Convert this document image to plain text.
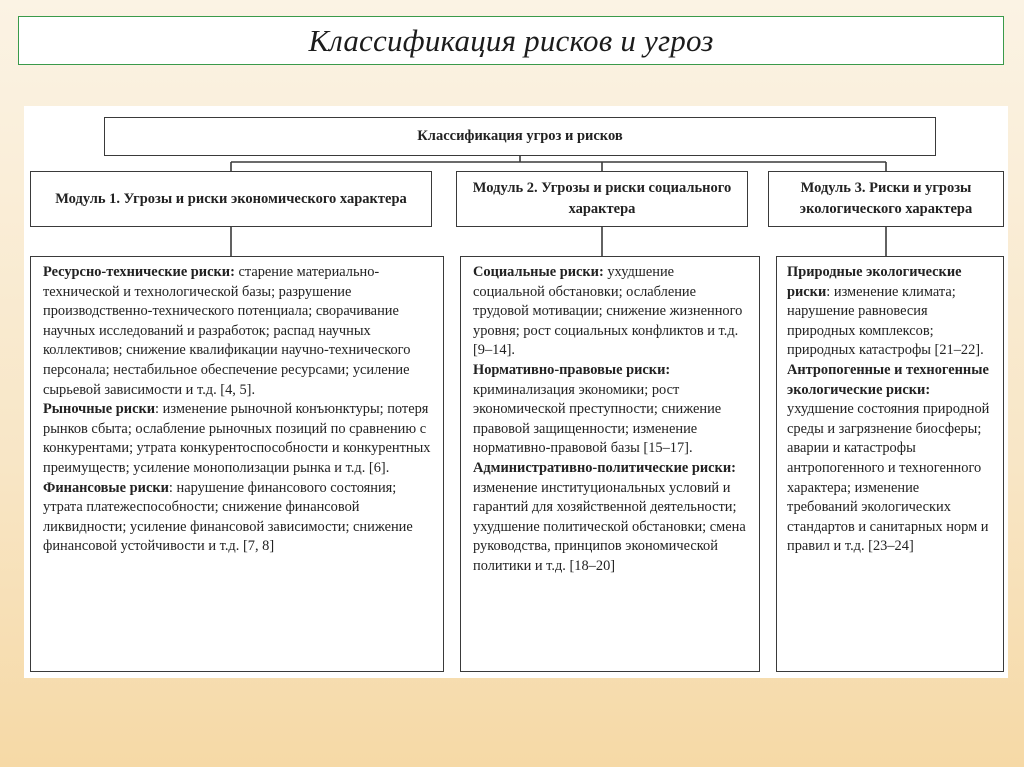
Классификация рисков и угроз
Классификация угроз и рисков
Модуль 1. Угрозы и риски экономического характера
Модуль 2. Угрозы и риски социального характера
Модуль 3. Риски и угрозы экологического характера

Ресурсно-технические риски: старение материально-технической и технологической базы; разрушение производственно-технического потенциала; сворачивание научных исследований и разработок; распад научных коллективов; снижение квалификации научно-технического персонала; нестабильное обеспечение ресурсами; усиление сырьевой зависимости и т.д. [4, 5].

Рыночные риски: изменение рыночной конъюнктуры; потеря рынков сбыта; ослабление рыночных позиций по сравнению с конкурентами; утрата конкурентоспособности и конкурентных преимуществ; усиление монополизации рынка и т.д. [6].

Финансовые риски: нарушение финансового состояния; утрата платежеспособности; снижение финансовой ликвидности; усиление финансовой зависимости; снижение финансовой устойчивости и т.д. [7, 8]

Социальные риски: ухудшение социальной обстановки; ослабление трудовой мотивации; снижение жизненного уровня; рост социальных конфликтов и т.д. [9–14].

Нормативно-правовые риски: криминализация экономики; рост экономической преступности; снижение правовой защищенности; изменение нормативно-правовой базы [15–17].

Административно-политические риски: изменение институциональных условий и гарантий для хозяйственной деятельности; ухудшение политической обстановки; смена руководства, принципов экономической политики и т.д. [18–20]

Природные экологические риски: изменение климата; нарушение равновесия природных комплексов; природных катастрофы [21–22].

Антропогенные и техногенные экологические риски: ухудшение состояния природной среды и загрязнение биосферы; аварии и катастрофы антропогенного и техногенного характера; изменение требований экологических стандартов и санитарных норм и правил и т.д. [23–24]
